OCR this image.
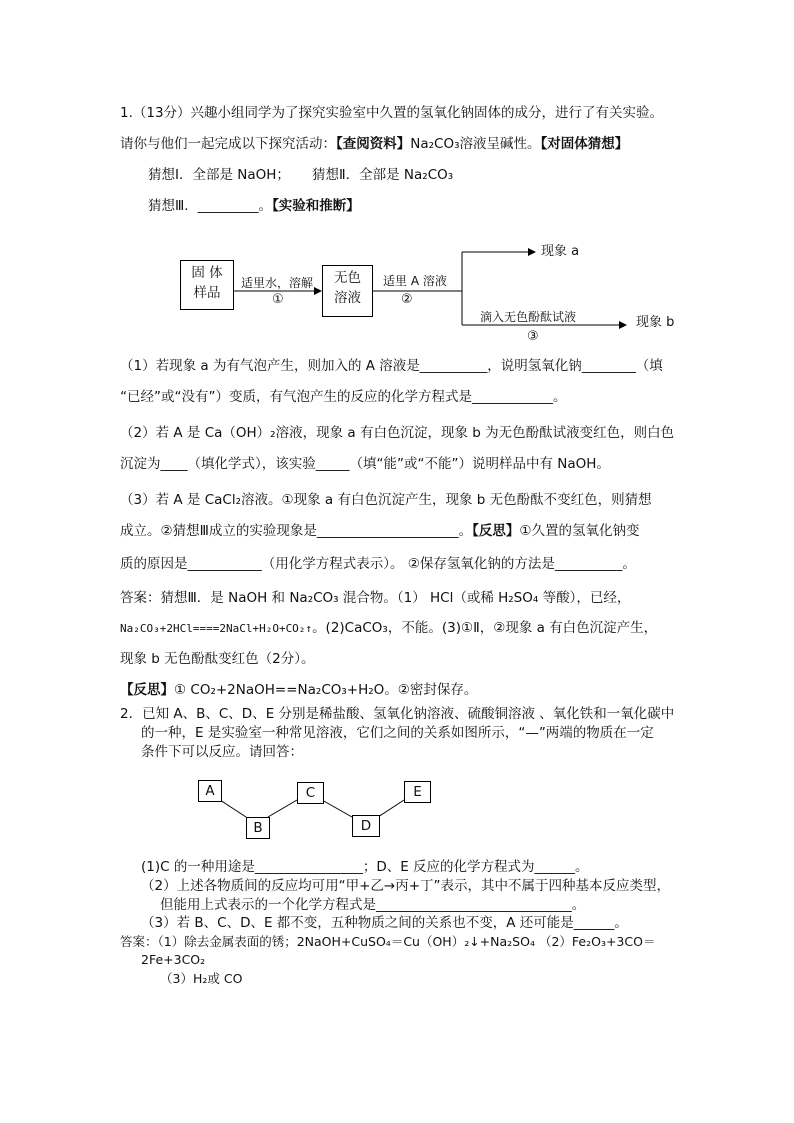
1.（13分）兴趣小组同学为了探究实验室中久置的氢氧化钠固体的成分，进行了有关实验。
请你与他们一起完成以下探究活动：【查阅资料】Na₂CO₃溶液呈碱性。【对固体猜想】
猜想Ⅰ．全部是 NaOH； 猜想Ⅱ．全部是 Na₂CO₃
猜想Ⅲ．_________。【实验和推断】
固 体
样品
无色
溶液
适里水，溶解
①
适里 A 溶液
②
现象 a
滴入无色酚酞试液
③
现象 b
（1）若现象 a 为有气泡产生，则加入的 A 溶液是__________，说明氢氧化钠________（填
“已经”或“没有”）变质，有气泡产生的反应的化学方程式是____________。
（2）若 A 是 Ca（OH）₂溶液，现象 a 有白色沉淀，现象 b 为无色酚酞试液变红色，则白色
沉淀为____（填化学式），该实验_____（填“能”或“不能”）说明样品中有 NaOH。
（3）若 A 是 CaCl₂溶液。①现象 a 有白色沉淀产生，现象 b 无色酚酞不变红色，则猜想
成立。②猜想Ⅲ成立的实验现象是_____________________。【反思】①久置的氢氧化钠变
质的原因是___________（用化学方程式表示）。 ②保存氢氧化钠的方法是__________。
答案：猜想Ⅲ．是 NaOH 和 Na₂CO₃ 混合物。（1） HCl（或稀 H₂SO₄ 等酸），已经，
Na₂CO₃+2HCl====2NaCl+H₂O+CO₂↑。(2)CaCO₃，不能。(3)①Ⅱ，②现象 a 有白色沉淀产生，
现象 b 无色酚酞变红色（2分）。
【反思】① CO₂+2NaOH==Na₂CO₃+H₂O。②密封保存。
2．已知 A、B、C、D、E 分别是稀盐酸、氢氧化钠溶液、硫酸铜溶液 、氧化铁和一氧化碳中
的一种，E 是实验室一种常见溶液，它们之间的关系如图所示，“—”两端的物质在一定
条件下可以反应。请回答：
A
B
C
D
E
(1)C 的一种用途是________________；D、E 反应的化学方程式为______。
（2）上述各物质间的反应均可用“甲+乙→丙+丁”表示，其中不属于四种基本反应类型，
但能用上式表示的一个化学方程式是_____________________________。
（3）若 B、C、D、E 都不变，五种物质之间的关系也不变，A 还可能是______。
答案：（1）除去金属表面的锈；2NaOH+CuSO₄＝Cu（OH）₂↓+Na₂SO₄ （2）Fe₂O₃+3CO＝
2Fe+3CO₂
（3）H₂或 CO
